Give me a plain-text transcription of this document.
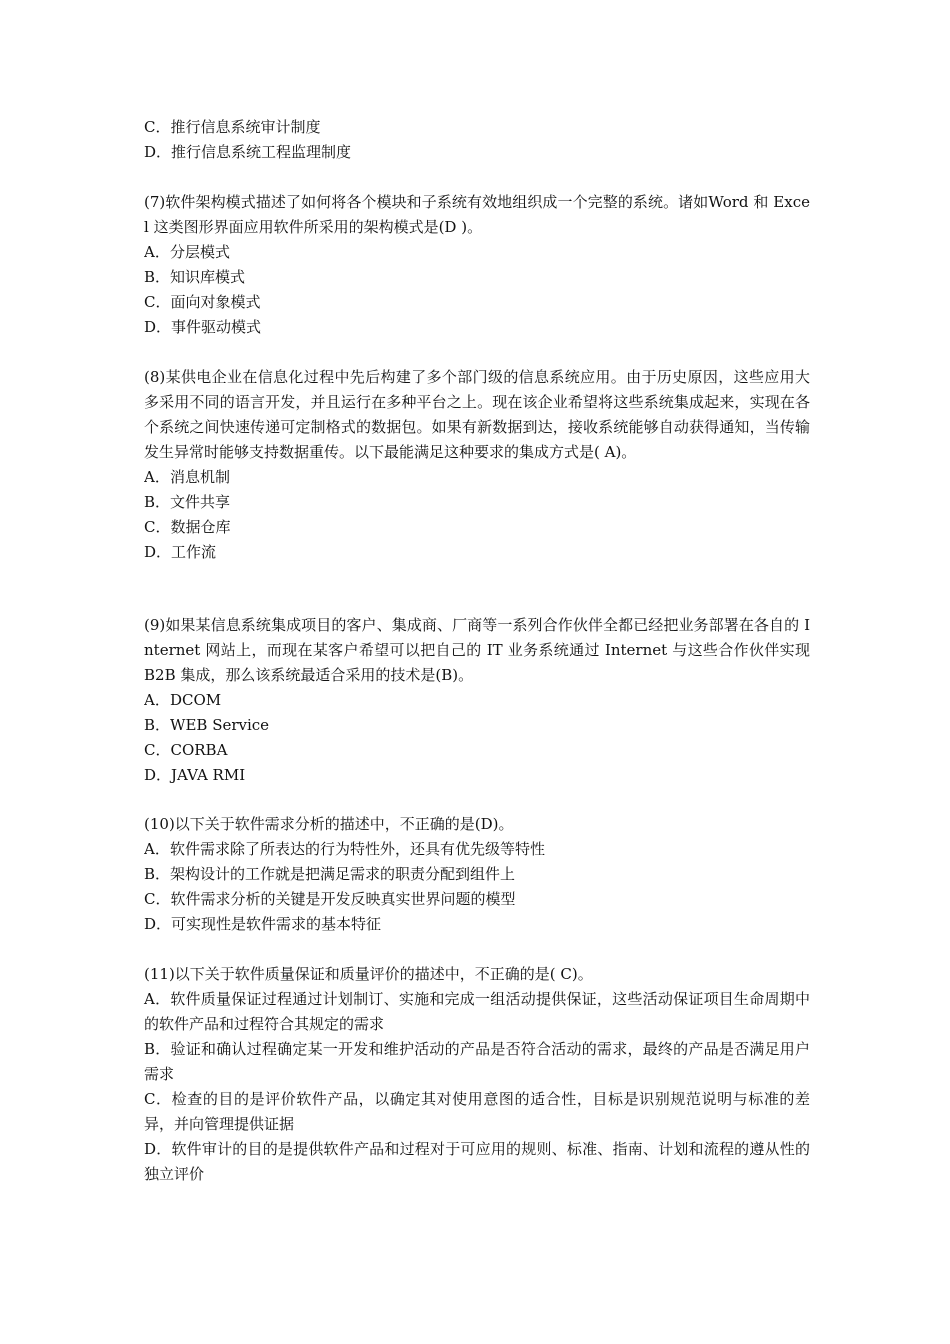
C．推行信息系统审计制度
D．推行信息系统工程监理制度
(7)软件架构模式描述了如何将各个模块和子系统有效地组织成一个完整的系统。诸如Word 和 Excel 这类图形界面应用软件所采用的架构模式是(D )。
A．分层模式
B．知识库模式
C．面向对象模式
D．事件驱动模式
(8)某供电企业在信息化过程中先后构建了多个部门级的信息系统应用。由于历史原因，这些应用大多采用不同的语言开发，并且运行在多种平台之上。现在该企业希望将这些系统集成起来，实现在各个系统之间快速传递可定制格式的数据包。如果有新数据到达，接收系统能够自动获得通知，当传输发生异常时能够支持数据重传。以下最能满足这种要求的集成方式是( A)。
A．消息机制
B．文件共享
C．数据仓库
D．工作流
(9)如果某信息系统集成项目的客户、集成商、厂商等一系列合作伙伴全都已经把业务部署在各自的 Internet 网站上，而现在某客户希望可以把自己的 IT 业务系统通过 Internet 与这些合作伙伴实现 B2B 集成，那么该系统最适合采用的技术是(B)。
A．DCOM
B．WEB Service
C．CORBA
D．JAVA RMI
(10)以下关于软件需求分析的描述中，不正确的是(D)。
A．软件需求除了所表达的行为特性外，还具有优先级等特性
B．架构设计的工作就是把满足需求的职责分配到组件上
C．软件需求分析的关键是开发反映真实世界问题的模型
D．可实现性是软件需求的基本特征
(11)以下关于软件质量保证和质量评价的描述中，不正确的是( C)。
A．软件质量保证过程通过计划制订、实施和完成一组活动提供保证，这些活动保证项目生命周期中的软件产品和过程符合其规定的需求
B．验证和确认过程确定某一开发和维护活动的产品是否符合活动的需求，最终的产品是否满足用户需求
C．检查的目的是评价软件产品，以确定其对使用意图的适合性，目标是识别规范说明与标准的差异，并向管理提供证据
D．软件审计的目的是提供软件产品和过程对于可应用的规则、标准、指南、计划和流程的遵从性的独立评价
